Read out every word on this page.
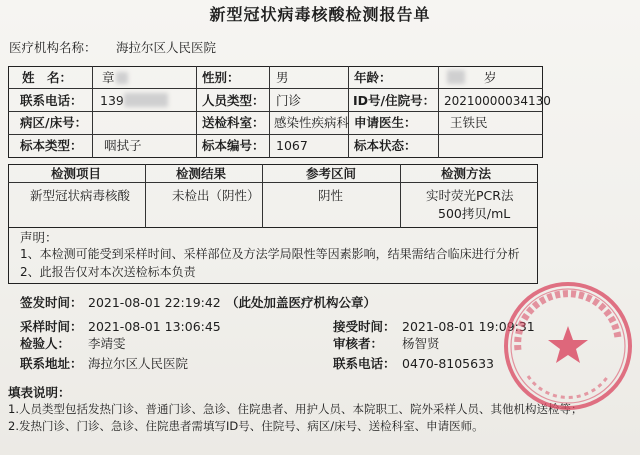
新型冠状病毒核酸检测报告单
医疗机构名称： 海拉尔区人民医院
姓　名： 章	性别：	男	年龄：	岁
联系电话： 139	人员类型： 门诊	ID号/住院号： 20210000034130
病区/床号：	送检科室： 感染性疾病科 申请医生：	王铁民
标本类型： 咽拭子	标本编号： 1067	标本状态：
检测项目	检测结果	参考区间	检测方法
新型冠状病毒核酸	未检出（阴性）	阴性	实时荧光PCR法
500拷贝/mL
声明：
1、本检测可能受到采样时间、采样部位及方法学局限性等因素影响，结果需结合临床进行分析
2、此报告仅对本次送检标本负责
签发时间： 2021-08-01 22:19:42 （此处加盖医疗机构公章）
采样时间： 2021-08-01 13:06:45	接受时间： 2021-08-01 19:09:31
检验人： 李靖雯	审核者： 杨智贤
联系地址： 海拉尔区人民医院	联系电话： 0470-8105633
填表说明：
1.人员类型包括发热门诊、普通门诊、急诊、住院患者、用护人员、本院职工、院外采样人员、其他机构送检等；
2.发热门诊、门诊、急诊、住院患者需填写ID号、住院号、病区/床号、送检科室、申请医师。
